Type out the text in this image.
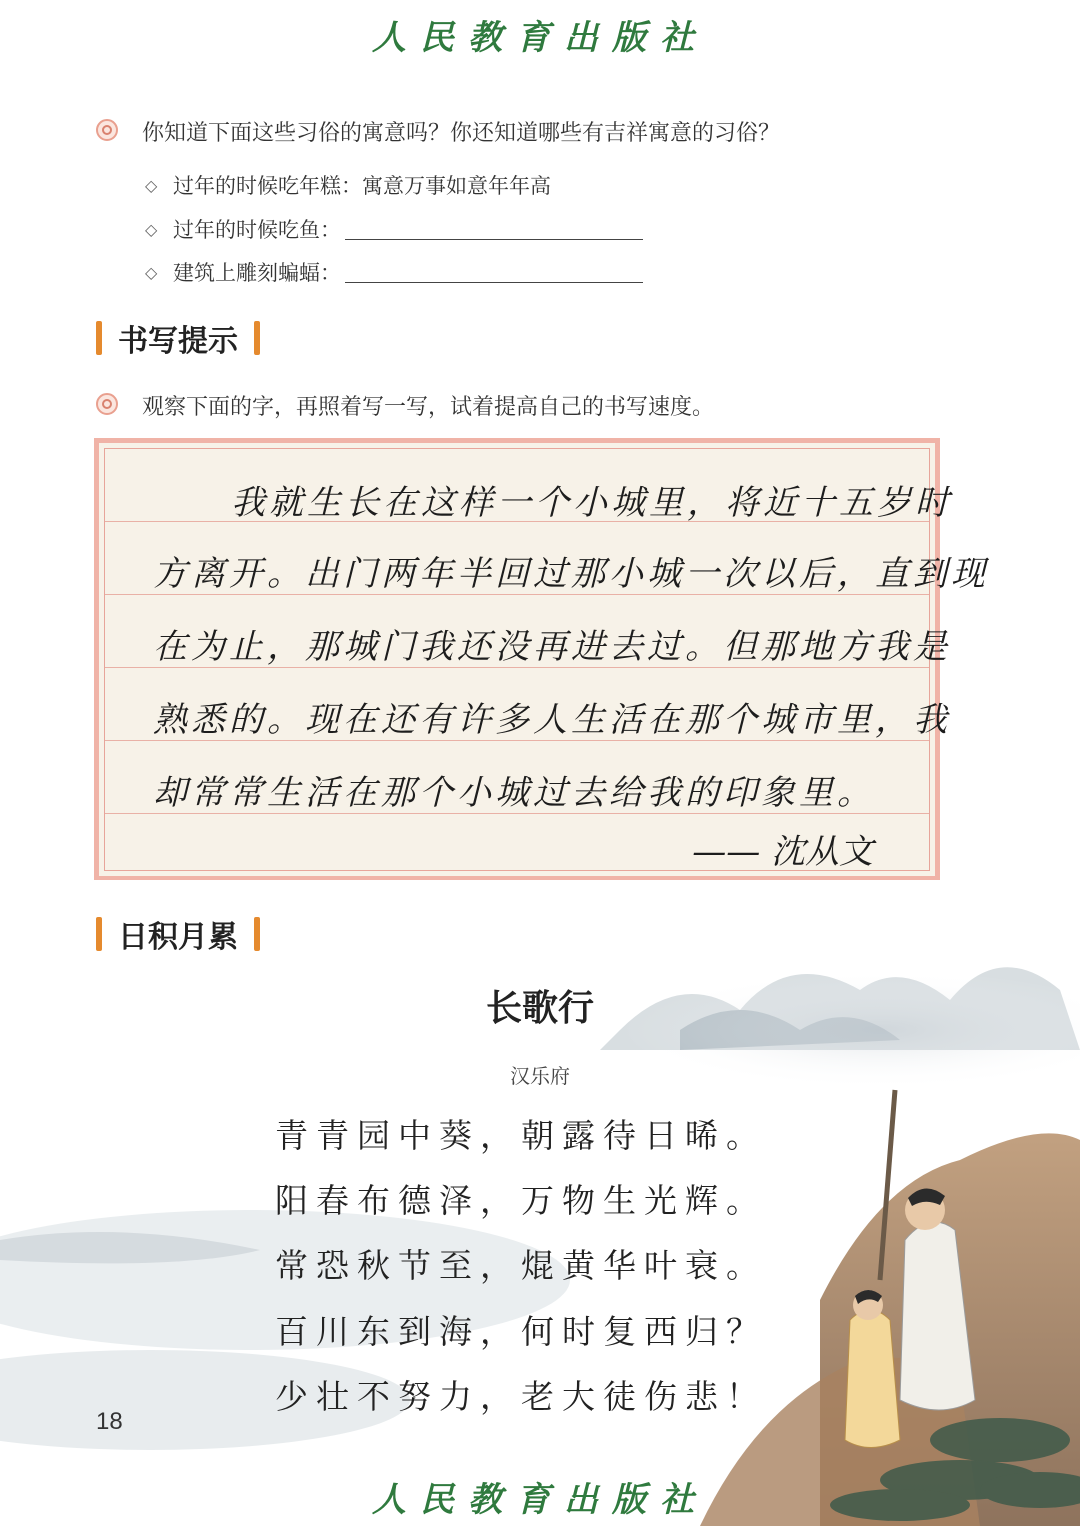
人民教育出版社
你知道下面这些习俗的寓意吗？你还知道哪些有吉祥寓意的习俗？
◇ 过年的时候吃年糕： 寓意万事如意年年高
◇ 过年的时候吃鱼：
◇ 建筑上雕刻蝙蝠：
书写提示
观察下面的字，再照着写一写，试着提高自己的书写速度。
我就生长在这样一个小城里，将近十五岁时
方离开。出门两年半回过那小城一次以后，直到现
在为止，那城门我还没再进去过。但那地方我是
熟悉的。现在还有许多人生活在那个城市里，我
却常常生活在那个小城过去给我的印象里。
—— 沈从文
日积月累
长歌行
汉乐府
青青园中葵，朝露待日晞。
阳春布德泽，万物生光辉。
常恐秋节至，焜黄华叶衰。
百川东到海，何时复西归？
少壮不努力，老大徒伤悲！
18
人民教育出版社
